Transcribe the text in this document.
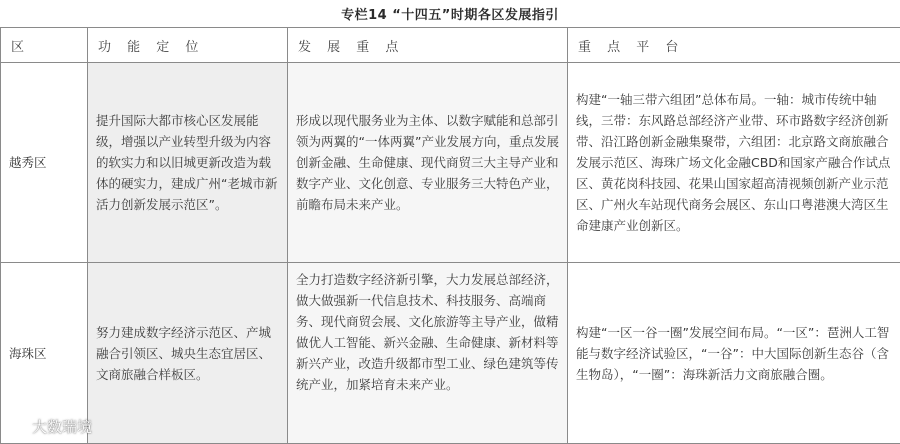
专栏14 “十四五”时期各区发展指引
区	功 能 定 位	发 展 重 点	重 点 平 台
越秀区	提升国际大都市核心区发展能级，增强以产业转型升级为内容的软实力和以旧城更新改造为载体的硬实力，建成广州“老城市新活力创新发展示范区”。	形成以现代服务业为主体、以数字赋能和总部引领为两翼的“一体两翼”产业发展方向，重点发展创新金融、生命健康、现代商贸三大主导产业和数字产业、文化创意、专业服务三大特色产业，前瞻布局未来产业。	构建“一轴三带六组团”总体布局。一轴：城市传统中轴线，三带：东风路总部经济产业带、环市路数字经济创新带、沿江路创新金融集聚带，六组团：北京路文商旅融合发展示范区、海珠广场文化金融CBD和国家产融合作试点区、黄花岗科技园、花果山国家超高清视频创新产业示范区、广州火车站现代商务会展区、东山口粤港澳大湾区生命建康产业创新区。
海珠区	努力建成数字经济示范区、产城融合引领区、城央生态宜居区、文商旅融合样板区。	全力打造数字经济新引擎，大力发展总部经济，做大做强新一代信息技术、科技服务、高端商务、现代商贸会展、文化旅游等主导产业，做精做优人工智能、新兴金融、生命健康、新材料等新兴产业，改造升级都市型工业、绿色建筑等传统产业，加紧培育未来产业。	构建“一区一谷一圈”发展空间布局。“一区”：琶洲人工智能与数字经济试验区，“一谷”：中大国际创新生态谷（含生物岛），“一圈”：海珠新活力文商旅融合圈。
大数瑞境
